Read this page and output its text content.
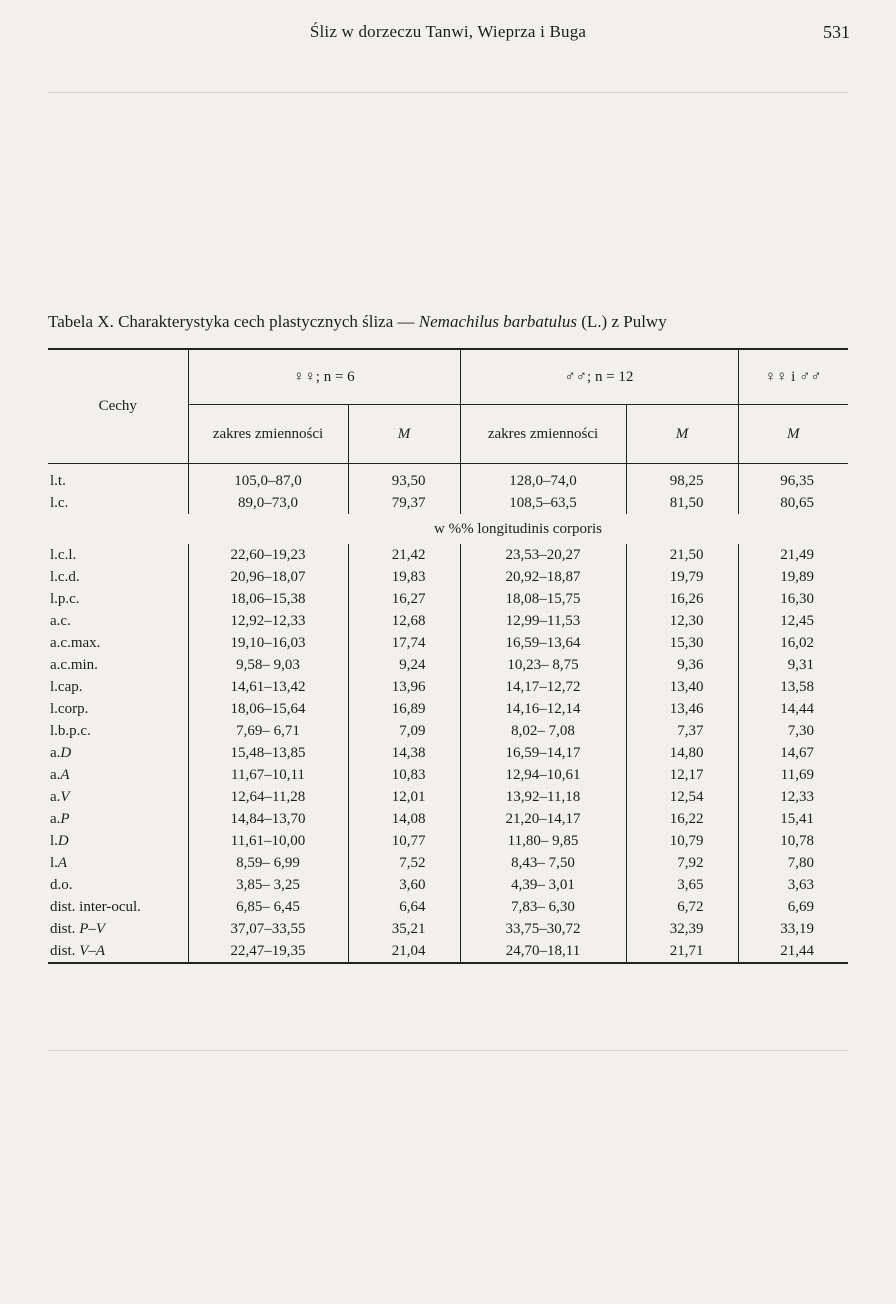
Śliz w dorzeczu Tanwi, Wieprza i Buga	531
Tabela X. Charakterystyka cech plastycznych śliza — Nemachilus barbatulus (L.) z Pulwy
Cechy	♀♀; n = 6		♂♂; n = 12		♀♀ i ♂♂
	zakres zmienności	M	zakres zmienności	M	M
l.t.	105,0–87,0	93,50	128,0–74,0	98,25	96,35
l.c.	89,0–73,0	79,37	108,5–63,5	81,50	80,65
w %% longitudinis corporis					
l.c.l.	22,60–19,23	21,42	23,53–20,27	21,50	21,49
l.c.d.	20,96–18,07	19,83	20,92–18,87	19,79	19,89
l.p.c.	18,06–15,38	16,27	18,08–15,75	16,26	16,30
a.c.	12,92–12,33	12,68	12,99–11,53	12,30	12,45
a.c.max.	19,10–16,03	17,74	16,59–13,64	15,30	16,02
a.c.min.	9,58– 9,03	9,24	10,23– 8,75	9,36	9,31
l.cap.	14,61–13,42	13,96	14,17–12,72	13,40	13,58
l.corp.	18,06–15,64	16,89	14,16–12,14	13,46	14,44
l.b.p.c.	7,69– 6,71	7,09	8,02– 7,08	7,37	7,30
a.D	15,48–13,85	14,38	16,59–14,17	14,80	14,67
a.A	11,67–10,11	10,83	12,94–10,61	12,17	11,69
a.V	12,64–11,28	12,01	13,92–11,18	12,54	12,33
a.P	14,84–13,70	14,08	21,20–14,17	16,22	15,41
l.D	11,61–10,00	10,77	11,80– 9,85	10,79	10,78
l.A	8,59– 6,99	7,52	8,43– 7,50	7,92	7,80
d.o.	3,85– 3,25	3,60	4,39– 3,01	3,65	3,63
dist. inter-ocul.	6,85– 6,45	6,64	7,83– 6,30	6,72	6,69
dist. P–V	37,07–33,55	35,21	33,75–30,72	32,39	33,19
dist. V–A	22,47–19,35	21,04	24,70–18,11	21,71	21,44
